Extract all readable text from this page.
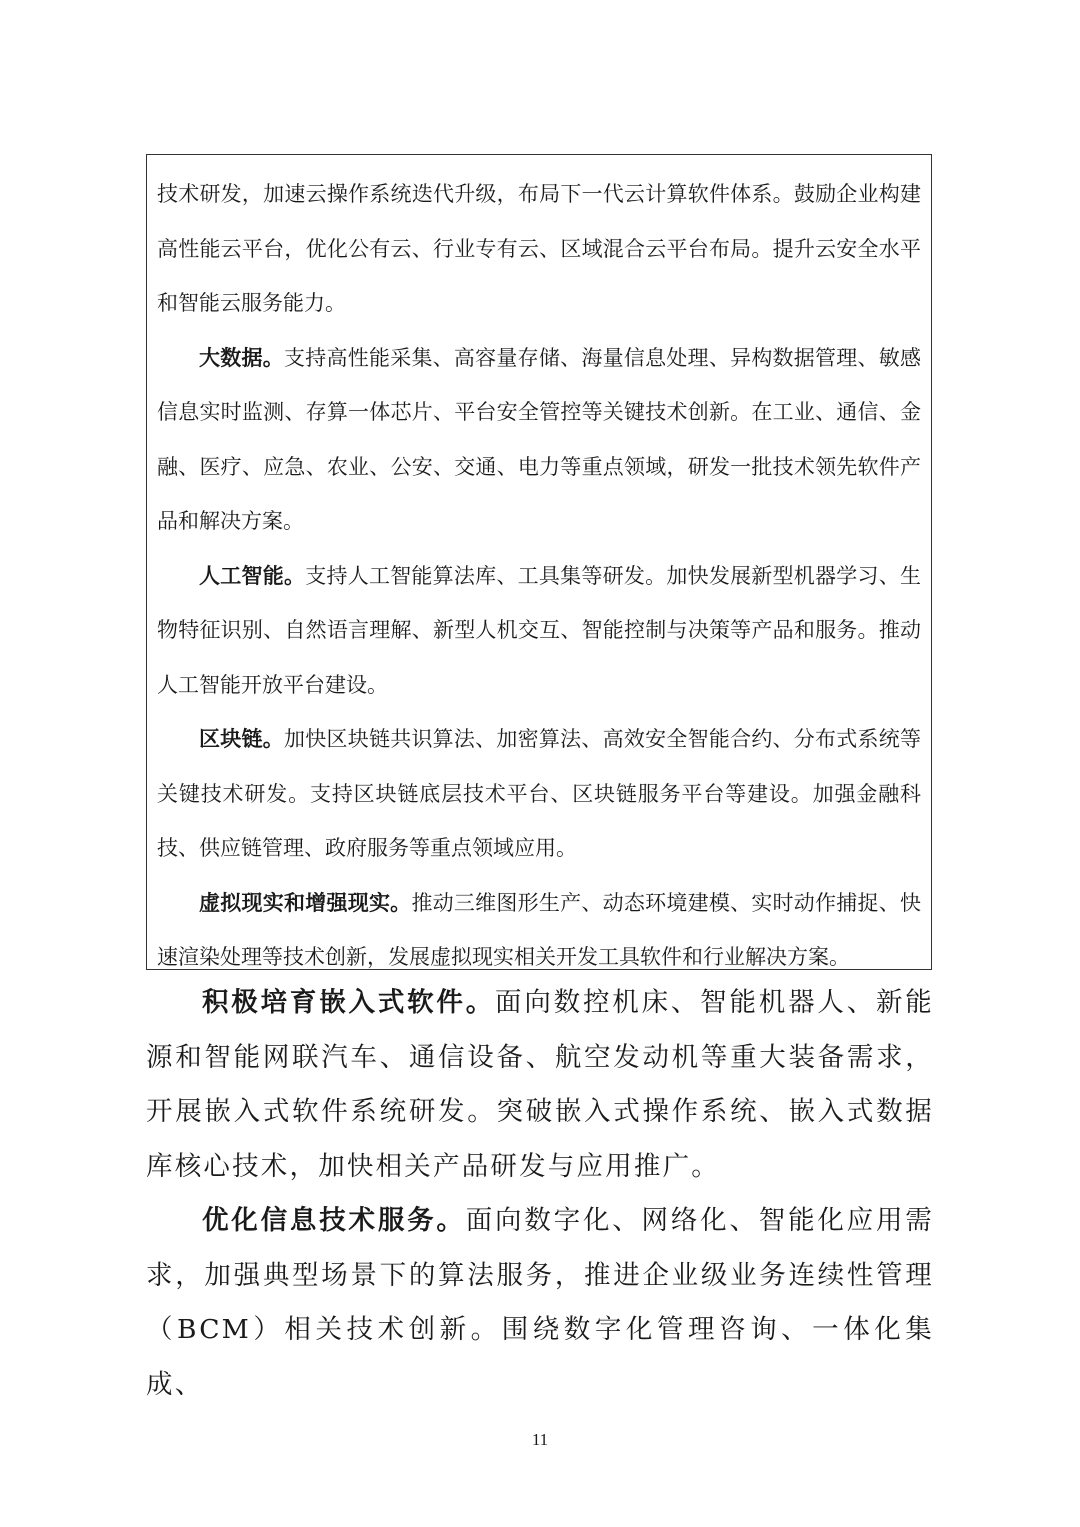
技术研发，加速云操作系统迭代升级，布局下一代云计算软件体系。鼓励企业构建高性能云平台，优化公有云、行业专有云、区域混合云平台布局。提升云安全水平和智能云服务能力。

大数据。支持高性能采集、高容量存储、海量信息处理、异构数据管理、敏感信息实时监测、存算一体芯片、平台安全管控等关键技术创新。在工业、通信、金融、医疗、应急、农业、公安、交通、电力等重点领域，研发一批技术领先软件产品和解决方案。

人工智能。支持人工智能算法库、工具集等研发。加快发展新型机器学习、生物特征识别、自然语言理解、新型人机交互、智能控制与决策等产品和服务。推动人工智能开放平台建设。

区块链。加快区块链共识算法、加密算法、高效安全智能合约、分布式系统等关键技术研发。支持区块链底层技术平台、区块链服务平台等建设。加强金融科技、供应链管理、政府服务等重点领域应用。

虚拟现实和增强现实。推动三维图形生产、动态环境建模、实时动作捕捉、快速渲染处理等技术创新，发展虚拟现实相关开发工具软件和行业解决方案。

积极培育嵌入式软件。面向数控机床、智能机器人、新能源和智能网联汽车、通信设备、航空发动机等重大装备需求，开展嵌入式软件系统研发。突破嵌入式操作系统、嵌入式数据库核心技术，加快相关产品研发与应用推广。

优化信息技术服务。面向数字化、网络化、智能化应用需求，加强典型场景下的算法服务，推进企业级业务连续性管理（BCM）相关技术创新。围绕数字化管理咨询、一体化集成、

11
